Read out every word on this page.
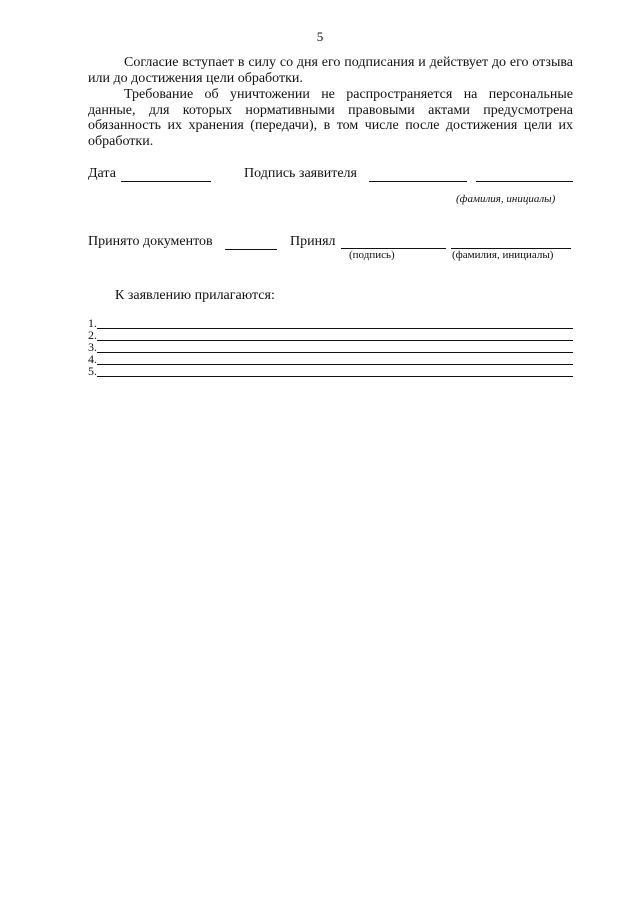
5

Согласие вступает в силу со дня его подписания и действует до его отзыва или до достижения цели обработки.

Требование об уничтожении не распространяется на персональные данные, для которых нормативными правовыми актами предусмотрена обязанность их хранения (передачи), в том числе после достижения цели их обработки.

Дата	Подпись заявителя
(фамилия, инициалы)
Принято документов	Принял
(подпись)	(фамилия, инициалы)
К заявлению прилагаются:
1.
2.
3.
4.
5.
